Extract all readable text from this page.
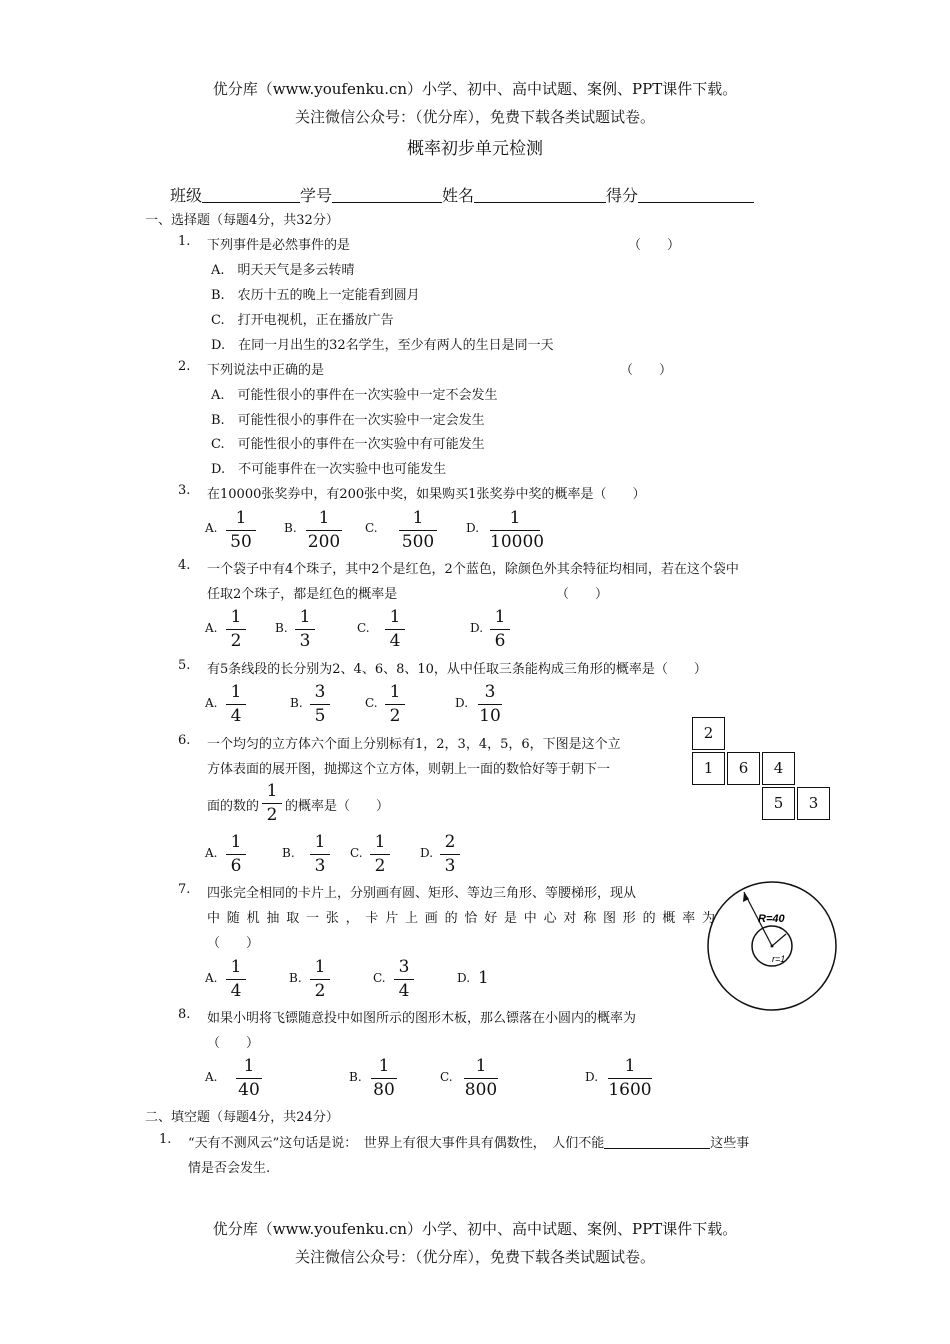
优分库（www.youfenku.cn）小学、初中、高中试题、案例、PPT课件下载。
关注微信公众号：（优分库），免费下载各类试题试卷。
概率初步单元检测
班级	学号	姓名	得分
一、选择题（每题4分，共32分）
1. 下列事件是必然事件的是	（　　）
A.　明天天气是多云转晴
B.　农历十五的晚上一定能看到圆月
C.　打开电视机，正在播放广告
D.　在同一月出生的32名学生，至少有两人的生日是同一天
2. 下列说法中正确的是	（　　）
A.　可能性很小的事件在一次实验中一定不会发生
B.　可能性很小的事件在一次实验中一定会发生
C.　可能性很小的事件在一次实验中有可能发生
D.　不可能事件在一次实验中也可能发生
3. 在10000张奖券中，有200张中奖，如果购买1张奖券中奖的概率是（　　）
A.	1
50
B.	1
200
C.	1
500
D.	1
10000
4. 一个袋子中有4个珠子，其中2个是红色，2个蓝色，除颜色外其余特征均相同，若在这个袋中
任取2个珠子，都是红色的概率是	（　　）
A.
1
2
B.
1
3
C.
1
4
D.
1
6
5. 有5条线段的长分别为2、4、6、8、10，从中任取三条能构成三角形的概率是（　　）
A.
1
4
B.
3
5
C.
1
2
D.
3
10
6. 一个均匀的立方体六个面上分别标有1，2，3，4，5，6，下图是这个立
方体表面的展开图，抛掷这个立方体，则朝上一面的数恰好等于朝下一
面的数的
1
2 的概率是（　　）
A.
1
6
B.
1
3
C.
1
2
D.
2
3
2
1	6	4
5	3
7. 四张完全相同的卡片上，分别画有圆、矩形、等边三角形、等腰梯形，现从
中随机抽取一张，卡片上画的恰好是中心对称图形的概率为
（　　）
A.
1
4
B.
1
2
C.
3
4
D. 1
R=40
r=1
8. 如果小明将飞镖随意投中如图所示的图形木板，那么镖落在小圆内的概率为
（　　）
A.
1
40
B.
1
80
C.
1
800
D.
1
1600
二、填空题（每题4分，共24分）
1. “天有不测风云”这句话是说：　世界上有很大事件具有偶数性，　人们不能	这些事
情是否会发生.
优分库（www.youfenku.cn）小学、初中、高中试题、案例、PPT课件下载。
关注微信公众号：（优分库），免费下载各类试题试卷。
